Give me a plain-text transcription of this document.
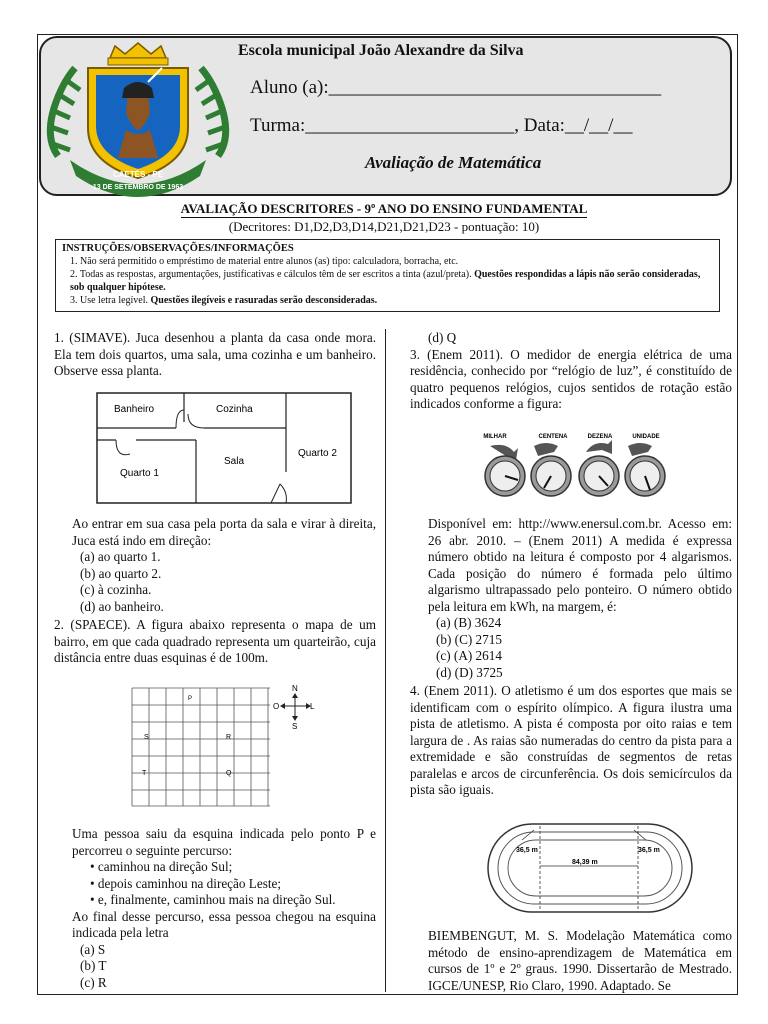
CAETÉS - PE
13 DE SETEMBRO DE 1963
Escola municipal João Alexandre da Silva
Aluno (a):___________________________________
Turma:______________________, Data:__/__/__
Avaliação de Matemática
AVALIAÇÃO DESCRITORES - 9º ANO DO ENSINO FUNDAMENTAL
(Decritores: D1,D2,D3,D14,D21,D21,D23 - pontuação: 10)
INSTRUÇÕES/OBSERVAÇÕES/INFORMAÇÕES
1. Não será permitido o empréstimo de material entre alunos (as) tipo: calculadora, borracha, etc.
2. Todas as respostas, argumentações, justificativas e cálculos têm de ser escritos a tinta (azul/preta). Questões respondidas a lápis não serão consideradas, sob qualquer hipótese.
3. Use letra legível. Questões ilegíveis e rasuradas serão desconsideradas.

1. (SIMAVE). Juca desenhou a planta da casa onde mora. Ela tem dois quartos, uma sala, uma cozinha e um banheiro. Observe essa planta.

Banheiro	Cozinha
Sala
Quarto 1
Quarto 2

Ao entrar em sua casa pela porta da sala e virar à direita, Juca está indo em direção:

(a) ao quarto 1.

(b) ao quarto 2.

(c) à cozinha.

(d) ao banheiro.

2. (SPAECE). A figura abaixo representa o mapa de um bairro, em que cada quadrado representa um quarteirão, cuja distância entre duas esquinas é de 100m.

P
S	R
T	Q
N
S
O	L

Uma pessoa saiu da esquina indicada pelo ponto P e percorreu o seguinte percurso:

• caminhou na direção Sul;

• depois caminhou na direção Leste;

• e, finalmente, caminhou mais na direção Sul.

Ao final desse percurso, essa pessoa chegou na esquina indicada pela letra

(a) S

(b) T

(c) R

(d) Q

3. (Enem 2011). O medidor de energia elétrica de uma residência, conhecido por “relógio de luz”, é constituído de quatro pequenos relógios, cujos sentidos de rotação estão indicados conforme a figura:

MILHAR	CENTENA	DEZENA	UNIDADE

Disponível em: http://www.enersul.com.br. Acesso em: 26 abr. 2010. – (Enem 2011) A medida é expressa número obtido na leitura é composto por 4 algarismos. Cada posição do número é formada pelo último algarismo ultrapassado pelo ponteiro. O número obtido pela leitura em kWh, na margem, é:

(a) (B) 3624

(b) (C) 2715

(c) (A) 2614

(d) (D) 3725

4. (Enem 2011). O atletismo é um dos esportes que mais se identificam com o espírito olímpico. A figura ilustra uma pista de atletismo. A pista é composta por oito raias e tem largura de . As raias são numeradas do centro da pista para a extremidade e são construídas de segmentos de retas paralelas e arcos de circunferência. Os dois semicírculos da pista são iguais.

36,5 m
84,39 m
36,5 m

BIEMBENGUT, M. S. Modelação Matemática como método de ensino-aprendizagem de Matemática em cursos de 1º e 2º graus. 1990. Dissertarão de Mestrado. IGCE/UNESP, Rio Claro, 1990. Adaptado. Se
